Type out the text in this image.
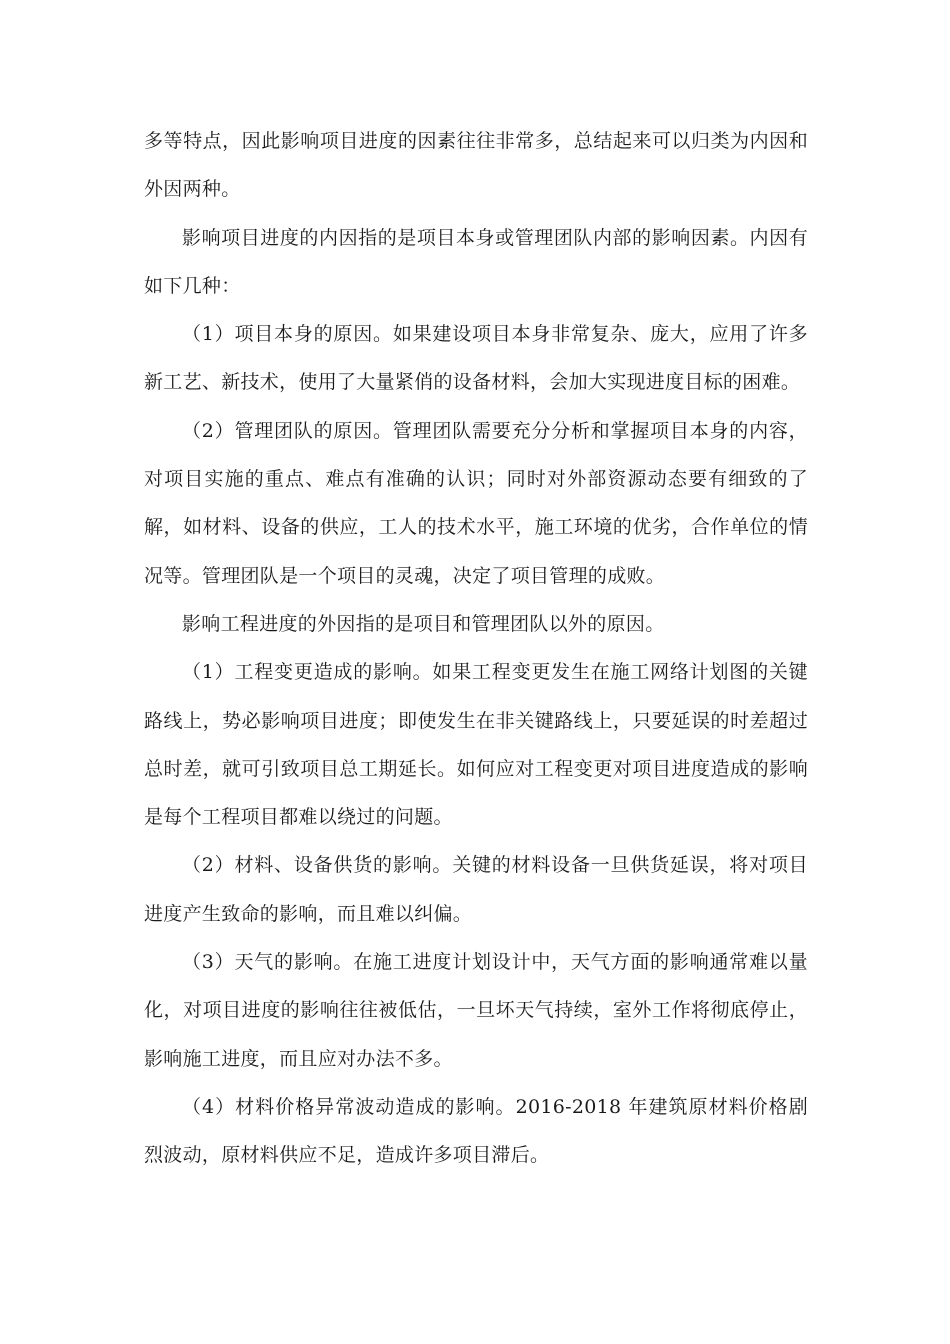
多等特点，因此影响项目进度的因素往往非常多，总结起来可以归类为内因和外因两种。

影响项目进度的内因指的是项目本身或管理团队内部的影响因素。内因有如下几种：

（1）项目本身的原因。如果建设项目本身非常复杂、庞大，应用了许多新工艺、新技术，使用了大量紧俏的设备材料，会加大实现进度目标的困难。

（2）管理团队的原因。管理团队需要充分分析和掌握项目本身的内容，对项目实施的重点、难点有准确的认识；同时对外部资源动态要有细致的了解，如材料、设备的供应，工人的技术水平，施工环境的优劣，合作单位的情况等。管理团队是一个项目的灵魂，决定了项目管理的成败。

影响工程进度的外因指的是项目和管理团队以外的原因。

（1）工程变更造成的影响。如果工程变更发生在施工网络计划图的关键路线上，势必影响项目进度；即使发生在非关键路线上，只要延误的时差超过总时差，就可引致项目总工期延长。如何应对工程变更对项目进度造成的影响是每个工程项目都难以绕过的问题。

（2）材料、设备供货的影响。关键的材料设备一旦供货延误，将对项目进度产生致命的影响，而且难以纠偏。

（3）天气的影响。在施工进度计划设计中，天气方面的影响通常难以量化，对项目进度的影响往往被低估，一旦坏天气持续，室外工作将彻底停止，影响施工进度，而且应对办法不多。

（4）材料价格异常波动造成的影响。2016-2018 年建筑原材料价格剧烈波动，原材料供应不足，造成许多项目滞后。
